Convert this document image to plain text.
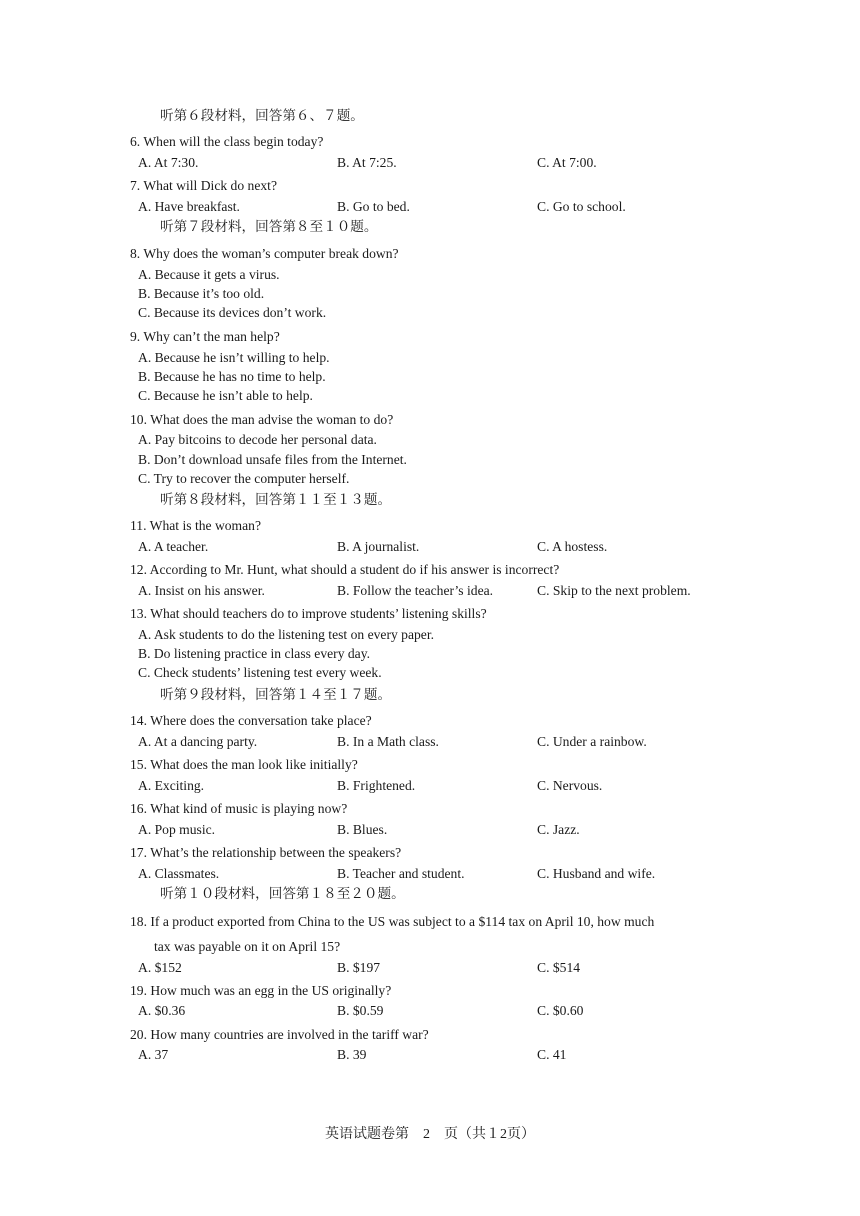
听第６段材料，回答第６、７题。
6. When will the class begin today?
A. At 7:30.	B. At 7:25.	C. At 7:00.
7. What will Dick do next?
A. Have breakfast.	B. Go to bed.	C. Go to school.
听第７段材料，回答第８至１０题。
8. Why does the woman’s computer break down?
A. Because it gets a virus.
B. Because it’s too old.
C. Because its devices don’t work.
9. Why can’t the man help?
A. Because he isn’t willing to help.
B. Because he has no time to help.
C. Because he isn’t able to help.
10. What does the man advise the woman to do?
A. Pay bitcoins to decode her personal data.
B. Don’t download unsafe files from the Internet.
C. Try to recover the computer herself.
听第８段材料，回答第１１至１３题。
11. What is the woman?
A. A teacher.	B. A journalist.	C. A hostess.
12. According to Mr. Hunt, what should a student do if his answer is incorrect?
A. Insist on his answer.	B. Follow the teacher’s idea.	C. Skip to the next problem.
13. What should teachers do to improve students’ listening skills?
A. Ask students to do the listening test on every paper.
B. Do listening practice in class every day.
C. Check students’ listening test every week.
听第９段材料，回答第１４至１７题。
14. Where does the conversation take place?
A. At a dancing party.	B. In a Math class.	C. Under a rainbow.
15. What does the man look like initially?
A. Exciting.	B. Frightened.	C. Nervous.
16. What kind of music is playing now?
A. Pop music.	B. Blues.	C. Jazz.
17. What’s the relationship between the speakers?
A. Classmates.	B. Teacher and student.	C. Husband and wife.
听第１０段材料，回答第１８至２０题。
18. If a product exported from China to the US was subject to a $114 tax on April 10, how much
tax was payable on it on April 15?
A. $152	B. $197	C. $514
19. How much was an egg in the US originally?
A. $0.36	B. $0.59	C. $0.60
20. How many countries are involved in the tariff war?
A. 37	B. 39	C. 41
英语试题卷第　2　页（共１2页）
